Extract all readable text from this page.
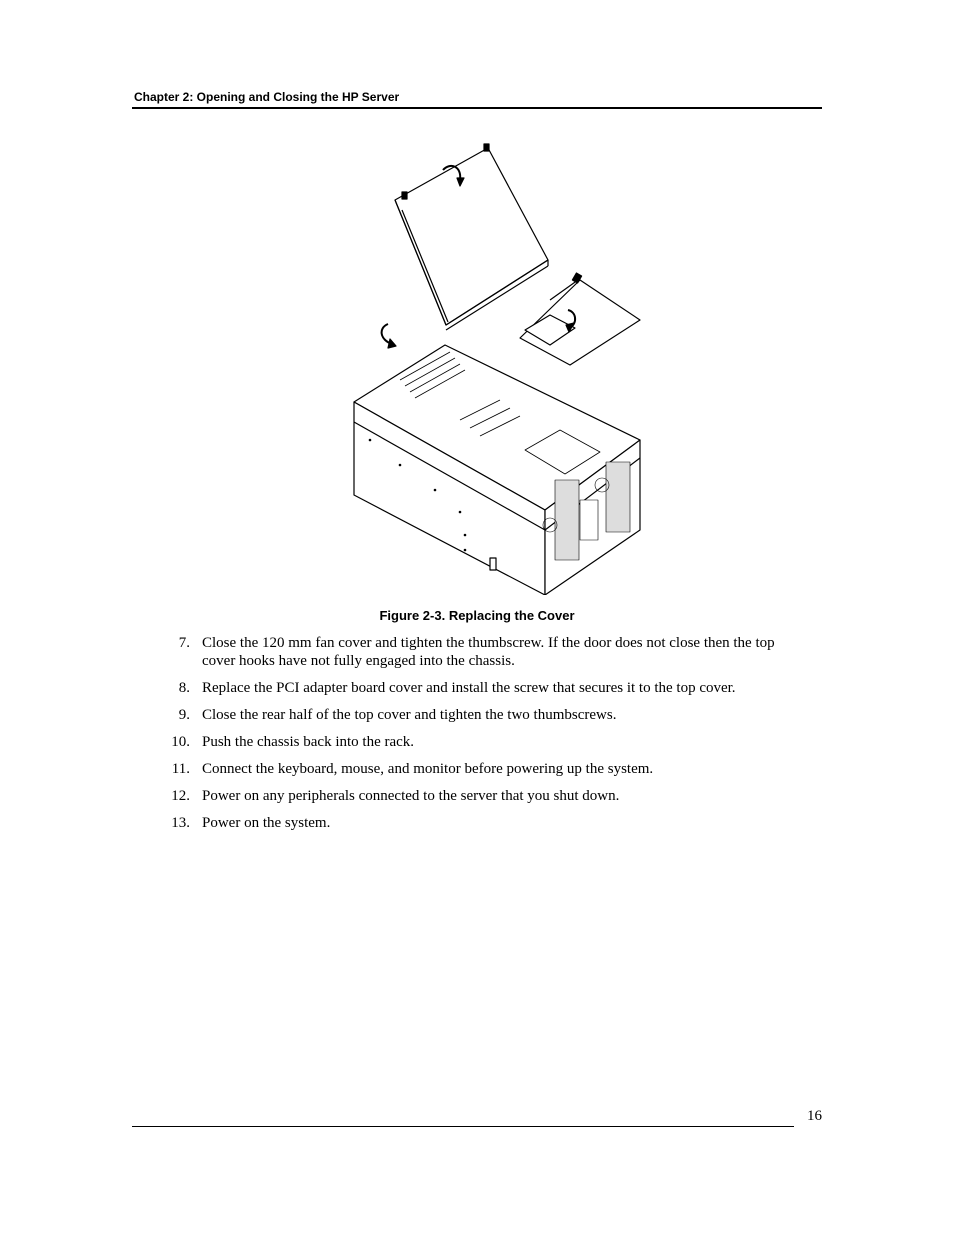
Chapter 2: Opening and Closing the HP Server
Figure 2-3. Replacing the Cover
7. Close the 120 mm fan cover and tighten the thumbscrew. If the door does not close then the top cover hooks have not fully engaged into the chassis.
8. Replace the PCI adapter board cover and install the screw that secures it to the top cover.
9. Close the rear half of the top cover and tighten the two thumbscrews.
10. Push the chassis back into the rack.
11. Connect the keyboard, mouse, and monitor before powering up the system.
12. Power on any peripherals connected to the server that you shut down.
13. Power on the system.
16
